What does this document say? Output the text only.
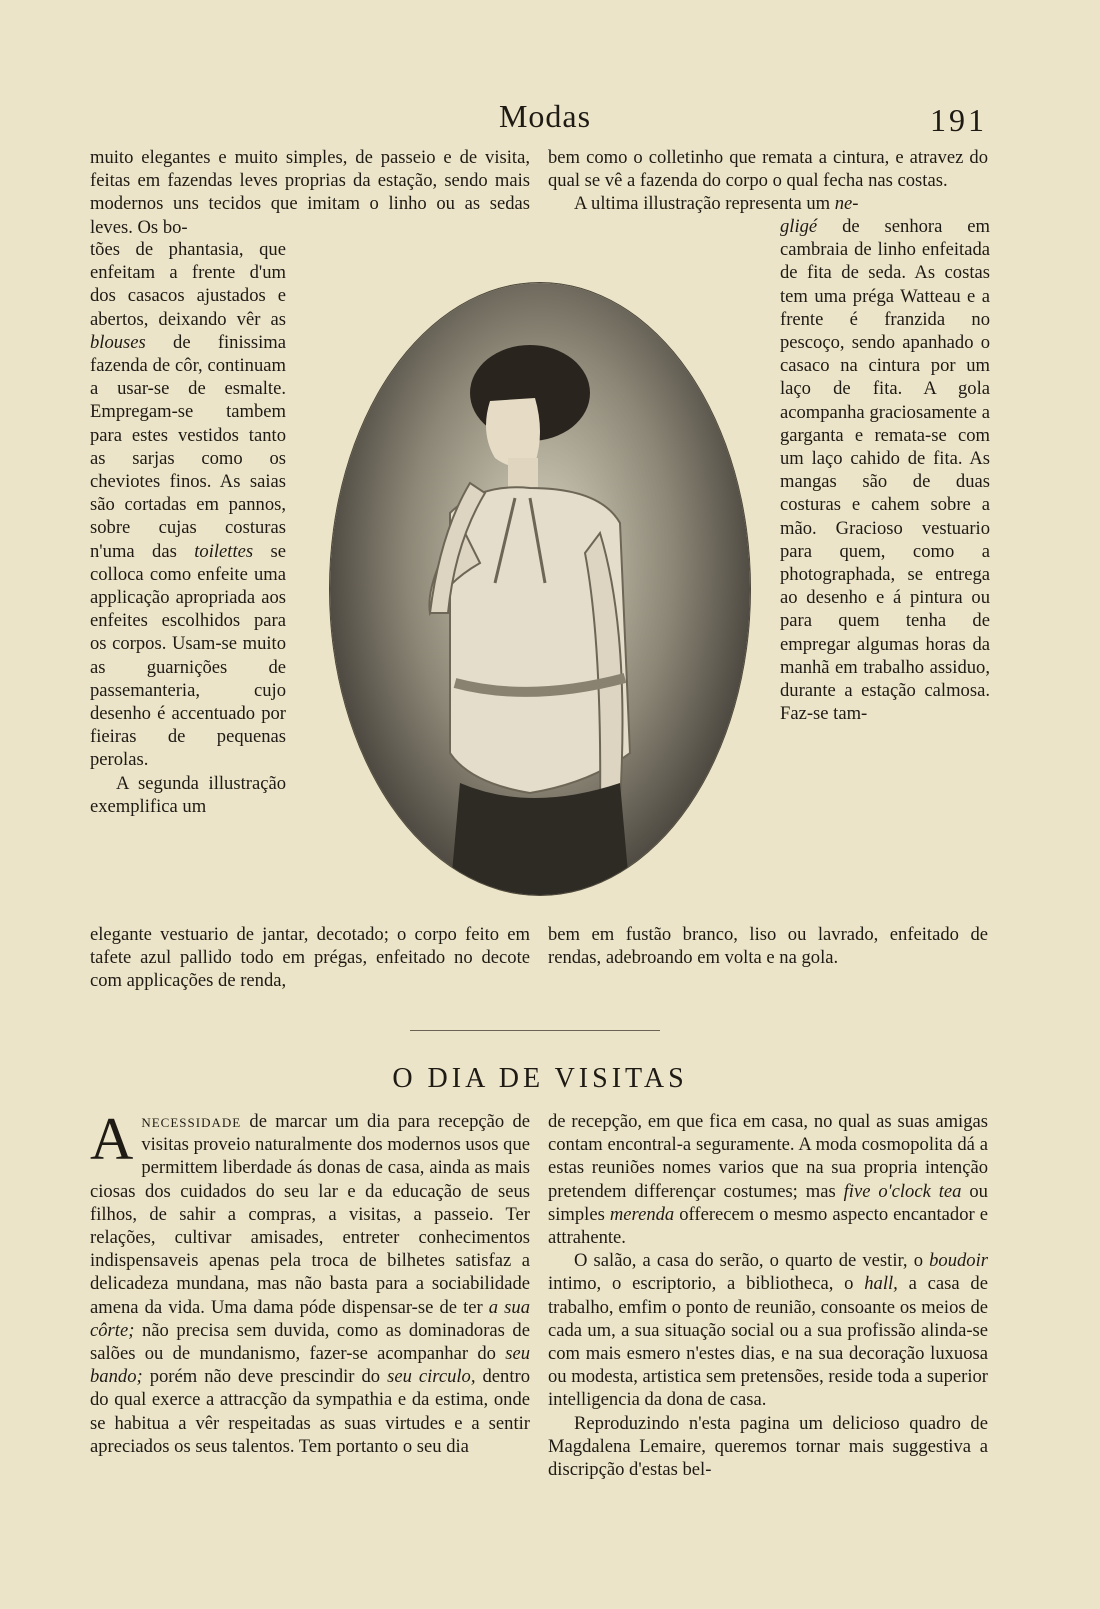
Modas	191

muito elegantes e muito simples, de passeio e de visita, feitas em fazendas leves proprias da estação, sendo mais modernos uns tecidos que imitam o linho ou as sedas leves. Os bo-

bem como o colletinho que remata a cintura, e atravez do qual se vê a fazenda do corpo o qual fecha nas costas.

A ultima illustração representa um ne-

tões de phantasia, que enfeitam a frente d'um dos casacos ajustados e abertos, deixando vêr as blouses de finissima fazenda de côr, continuam a usar-se de esmalte. Empregam-se tambem para estes vestidos tanto as sarjas como os cheviotes finos. As saias são cortadas em pannos, sobre cujas costuras n'uma das toilettes se colloca como enfeite uma applicação apropriada aos enfeites escolhidos para os corpos. Usam-se muito as guarnições de passemanteria, cujo desenho é accentuado por fieiras de pequenas perolas.

A segunda illustração exemplifica um

gligé de senhora em cambraia de linho enfeitada de fita de seda. As costas tem uma préga Watteau e a frente é franzida no pescoço, sendo apanhado o casaco na cintura por um laço de fita. A gola acompanha graciosamente a garganta e remata-se com um laço cahido de fita. As mangas são de duas costuras e cahem sobre a mão. Gracioso vestuario para quem, como a photographada, se entrega ao desenho e á pintura ou para quem tenha de empregar algumas horas da manhã em trabalho assiduo, durante a estação calmosa. Faz-se tam-

elegante vestuario de jantar, decotado; o corpo feito em tafete azul pallido todo em prégas, enfeitado no decote com applicações de renda,

bem em fustão branco, liso ou lavrado, enfeitado de rendas, adebroando em volta e na gola.

O DIA DE VISITAS

Anecessidade de marcar um dia para recepção de visitas proveio naturalmente dos modernos usos que permittem liberdade ás donas de casa, ainda as mais ciosas dos cuidados do seu lar e da educação de seus filhos, de sahir a compras, a visitas, a passeio. Ter relações, cultivar amisades, entreter conhecimentos indispensaveis apenas pela troca de bilhetes satisfaz a delicadeza mundana, mas não basta para a sociabilidade amena da vida. Uma dama póde dispensar-se de ter a sua côrte; não precisa sem duvida, como as dominadoras de salões ou de mundanismo, fazer-se acompanhar do seu bando; porém não deve prescindir do seu circulo, dentro do qual exerce a attracção da sympathia e da estima, onde se habitua a vêr respeitadas as suas virtudes e a sentir apreciados os seus talentos. Tem portanto o seu dia

de recepção, em que fica em casa, no qual as suas amigas contam encontral-a seguramente. A moda cosmopolita dá a estas reuniões nomes varios que na sua propria intenção pretendem differençar costumes; mas five o'clock tea ou simples merenda offerecem o mesmo aspecto encantador e attrahente.

O salão, a casa do serão, o quarto de vestir, o boudoir intimo, o escriptorio, a bibliotheca, o hall, a casa de trabalho, emfim o ponto de reunião, consoante os meios de cada um, a sua situação social ou a sua profissão alinda-se com mais esmero n'estes dias, e na sua decoração luxuosa ou modesta, artistica sem pretensões, reside toda a superior intelligencia da dona de casa.

Reproduzindo n'esta pagina um delicioso quadro de Magdalena Lemaire, queremos tornar mais suggestiva a discripção d'estas bel-
